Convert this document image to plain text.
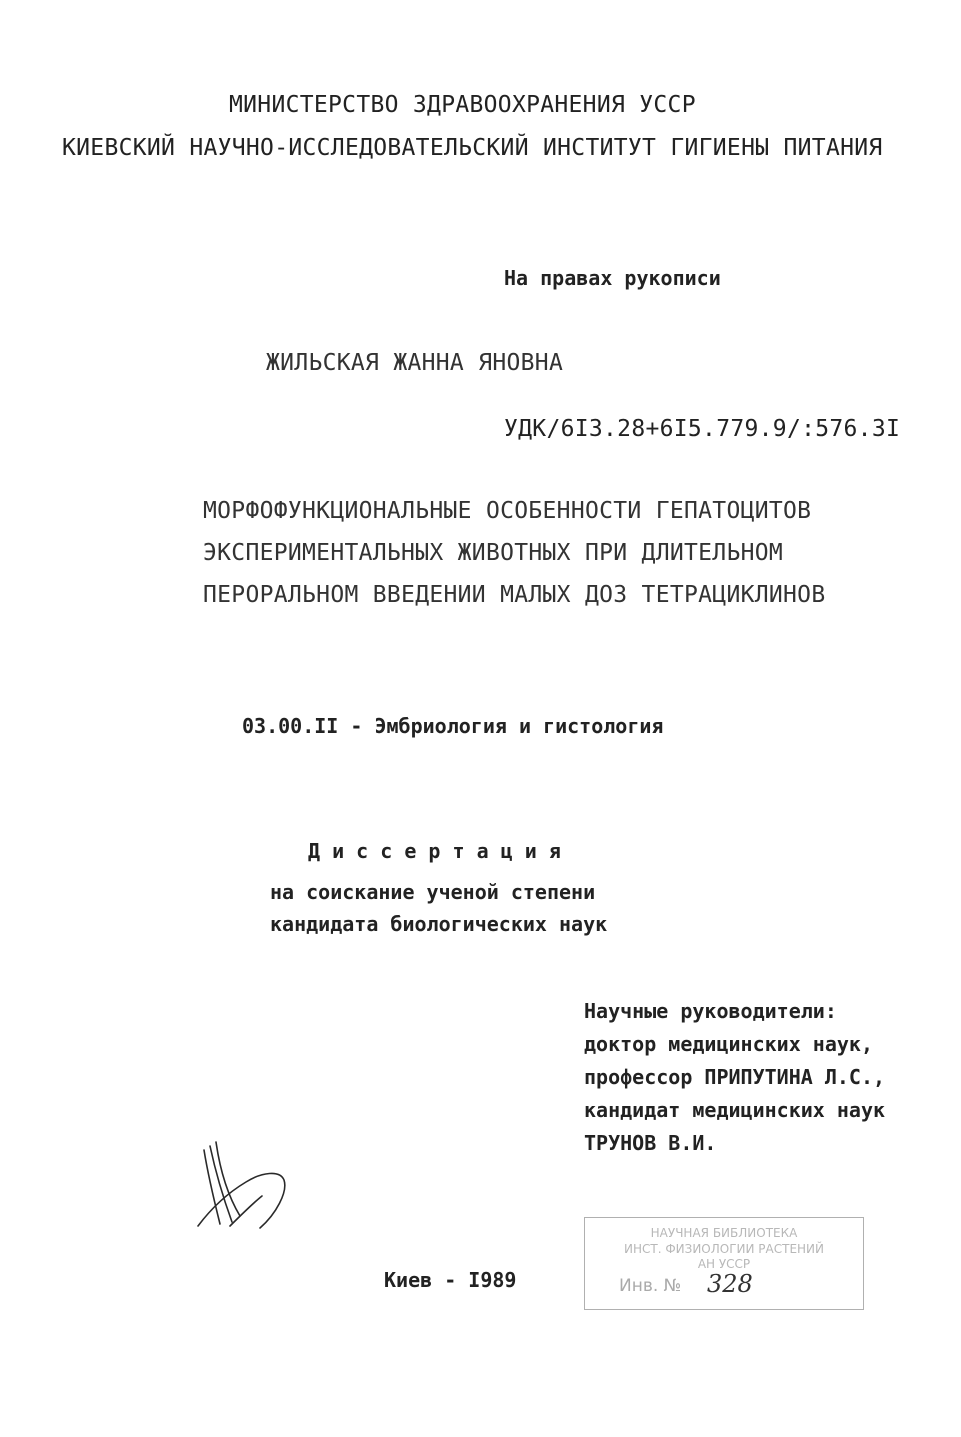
МИНИСТЕРСТВО ЗДРАВООХРАНЕНИЯ УССР
КИЕВСКИЙ НАУЧНО-ИССЛЕДОВАТЕЛЬСКИЙ ИНСТИТУТ ГИГИЕНЫ ПИТАНИЯ
На правах рукописи
ЖИЛЬСКАЯ ЖАННА ЯНОВНА
УДК/6I3.28+6I5.779.9/:576.3I
МОРФОФУНКЦИОНАЛЬНЫЕ ОСОБЕННОСТИ ГЕПАТОЦИТОВ
ЭКСПЕРИМЕНТАЛЬНЫХ ЖИВОТНЫХ ПРИ ДЛИТЕЛЬНОМ
ПЕРОРАЛЬНОМ ВВЕДЕНИИ МАЛЫХ ДОЗ ТЕТРАЦИКЛИНОВ
03.00.II - Эмбриология и гистология
Д и с с е р т а ц и я
на соискание ученой степени
кандидата биологических наук
Научные руководители:
доктор медицинских наук,
профессор ПРИПУТИНА Л.С.,
кандидат медицинских наук
ТРУНОВ В.И.
Киев - I989
НАУЧНАЯ БИБЛИОТЕКА
ИНСТ. ФИЗИОЛОГИИ РАСТЕНИЙ
АН УССР
Инв. № 328
